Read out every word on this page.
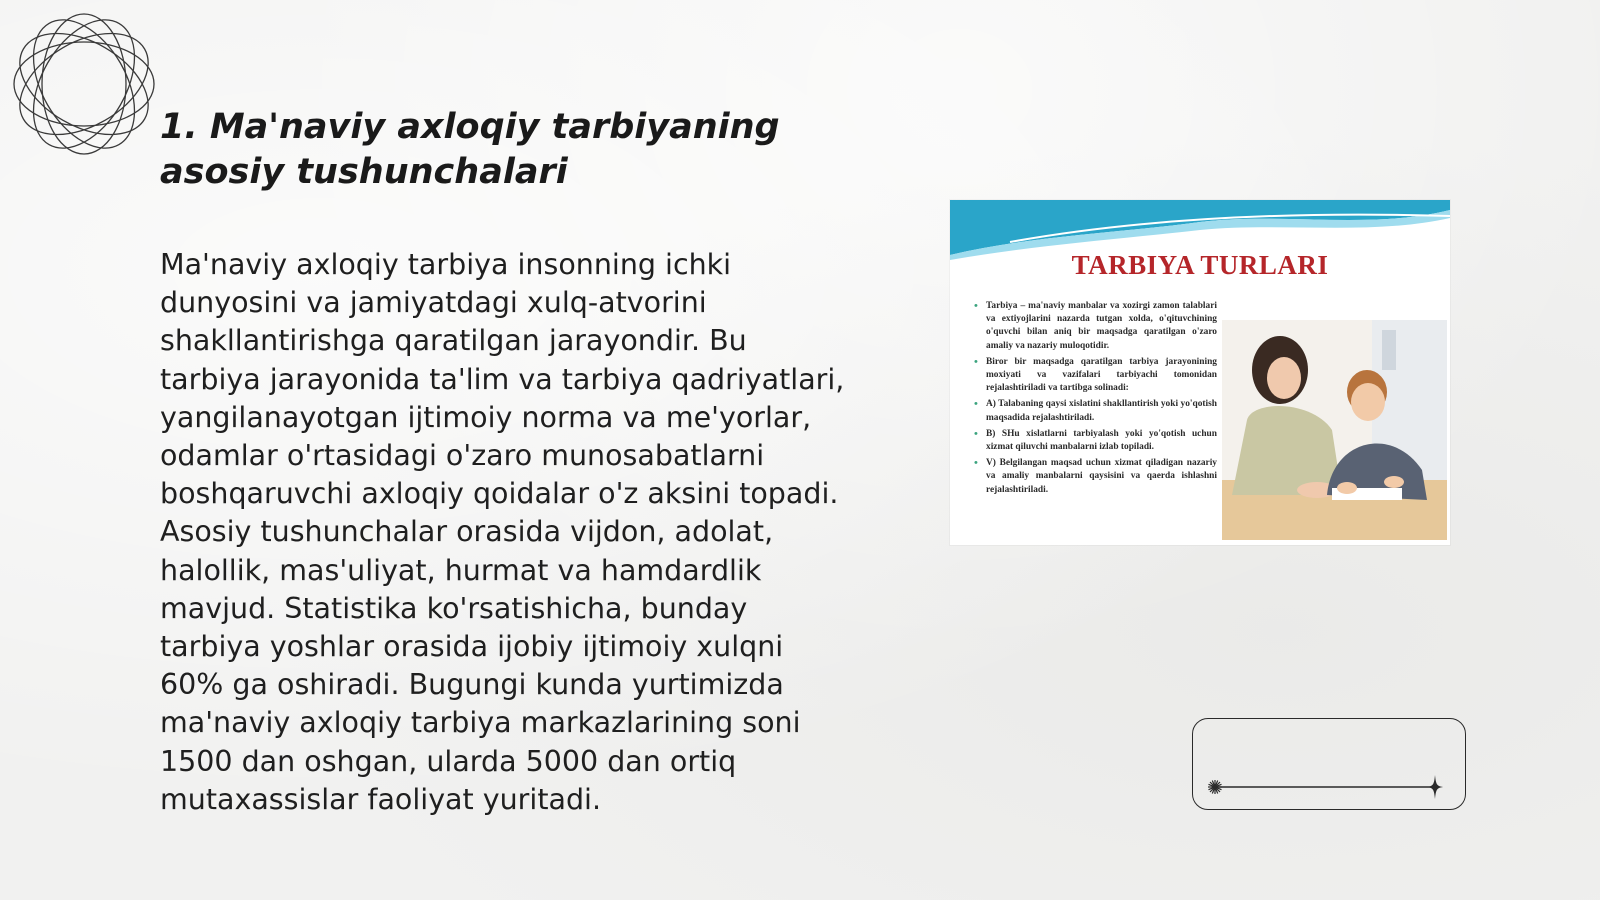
1. Ma'naviy axloqiy tarbiyaning asosiy tushunchalari

Ma'naviy axloqiy tarbiya insonning ichki dunyosini va jamiyatdagi xulq-atvorini shakllantirishga qaratilgan jarayondir. Bu tarbiya jarayonida ta'lim va tarbiya qadriyatlari, yangilanayotgan ijtimoiy norma va me'yorlar, odamlar o'rtasidagi o'zaro munosabatlarni boshqaruvchi axloqiy qoidalar o'z aksini topadi. Asosiy tushunchalar orasida vijdon, adolat, halollik, mas'uliyat, hurmat va hamdardlik mavjud. Statistika ko'rsatishicha, bunday tarbiya yoshlar orasida ijobiy ijtimoiy xulqni 60% ga oshiradi. Bugungi kunda yurtimizda ma'naviy axloqiy tarbiya markazlarining soni 1500 dan oshgan, ularda 5000 dan ortiq mutaxassislar faoliyat yuritadi.

TARBIYA TURLARI
• Tarbiya – ma'naviy manbalar va xozirgi zamon talablari va extiyojlarini nazarda tutgan xolda, o'qituvchining o'quvchi bilan aniq bir maqsadga qaratilgan o'zaro amaliy va nazariy muloqotidir.
• Biror bir maqsadga qaratilgan tarbiya jarayonining moxiyati va vazifalari tarbiyachi tomonidan rejalashtiriladi va tartibga solinadi:
• A) Talabaning qaysi xislatini shakllantirish yoki yo'qotish maqsadida rejalashtiriladi.
• B) SHu xislatlarni tarbiyalash yoki yo'qotish uchun xizmat qiluvchi manbalarni izlab topiladi.
• V) Belgilangan maqsad uchun xizmat qiladigan nazariy va amaliy manbalarni qaysisini va qaerda ishlashni rejalashtiriladi.
